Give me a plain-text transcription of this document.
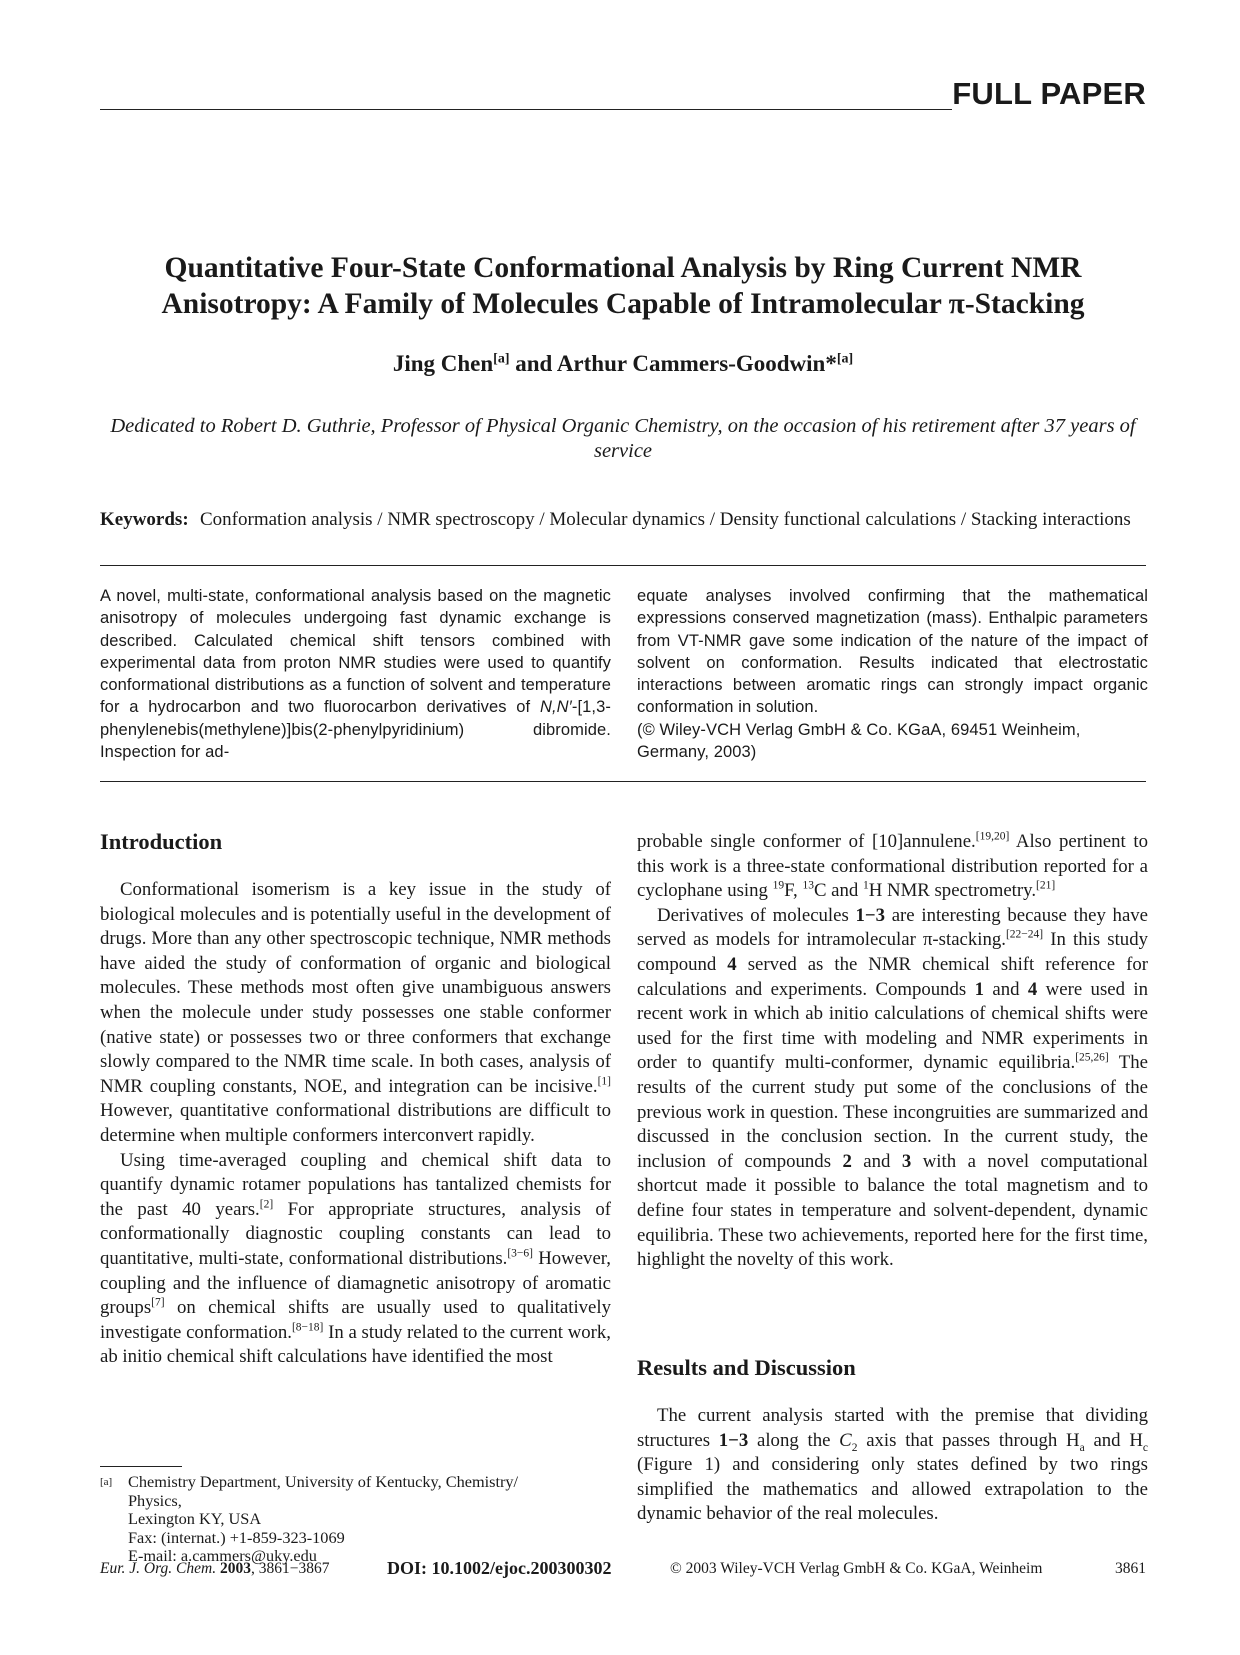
FULL PAPER
Quantitative Four-State Conformational Analysis by Ring Current NMR
Anisotropy: A Family of Molecules Capable of Intramolecular π-Stacking
Jing Chen[a] and Arthur Cammers-Goodwin*[a]
Dedicated to Robert D. Guthrie, Professor of Physical Organic Chemistry, on the occasion of his retirement after 37 years of service
Keywords: Conformation analysis / NMR spectroscopy / Molecular dynamics / Density functional calculations / Stacking interactions

A novel, multi-state, conformational analysis based on the magnetic anisotropy of molecules undergoing fast dynamic exchange is described. Calculated chemical shift tensors combined with experimental data from proton NMR studies were used to quantify conformational distributions as a function of solvent and temperature for a hydrocarbon and two fluorocarbon derivatives of N,N′-[1,3-phenylenebis(methylene)]bis(2-phenylpyridinium) dibromide. Inspection for ad-

equate analyses involved confirming that the mathematical expressions conserved magnetization (mass). Enthalpic parameters from VT-NMR gave some indication of the nature of the impact of solvent on conformation. Results indicated that electrostatic interactions between aromatic rings can strongly impact organic conformation in solution.

(© Wiley-VCH Verlag GmbH & Co. KGaA, 69451 Weinheim, Germany, 2003)

Introduction

Conformational isomerism is a key issue in the study of biological molecules and is potentially useful in the development of drugs. More than any other spectroscopic technique, NMR methods have aided the study of conformation of organic and biological molecules. These methods most often give unambiguous answers when the molecule under study possesses one stable conformer (native state) or possesses two or three conformers that exchange slowly compared to the NMR time scale. In both cases, analysis of NMR coupling constants, NOE, and integration can be incisive.[1] However, quantitative conformational distributions are difficult to determine when multiple conformers interconvert rapidly.

Using time-averaged coupling and chemical shift data to quantify dynamic rotamer populations has tantalized chemists for the past 40 years.[2] For appropriate structures, analysis of conformationally diagnostic coupling constants can lead to quantitative, multi-state, conformational distributions.[3−6] However, coupling and the influence of diamagnetic anisotropy of aromatic groups[7] on chemical shifts are usually used to qualitatively investigate conformation.[8−18] In a study related to the current work, ab initio chemical shift calculations have identified the most

[a] Chemistry Department, University of Kentucky, Chemistry/
Physics,
Lexington KY, USA
Fax: (internat.) +1-859-323-1069
E-mail: a.cammers@uky.edu

probable single conformer of [10]annulene.[19,20] Also pertinent to this work is a three-state conformational distribution reported for a cyclophane using $^{19}$F, $^{13}$C and $^1$H NMR spectrometry.[21]

Derivatives of molecules 1−3 are interesting because they have served as models for intramolecular π-stacking.[22−24] In this study compound 4 served as the NMR chemical shift reference for calculations and experiments. Compounds 1 and 4 were used in recent work in which ab initio calculations of chemical shifts were used for the first time with modeling and NMR experiments in order to quantify multi-conformer, dynamic equilibria.[25,26] The results of the current study put some of the conclusions of the previous work in question. These incongruities are summarized and discussed in the conclusion section. In the current study, the inclusion of compounds 2 and 3 with a novel computational shortcut made it possible to balance the total magnetism and to define four states in temperature and solvent-dependent, dynamic equilibria. These two achievements, reported here for the first time, highlight the novelty of this work.

Results and Discussion

The current analysis started with the premise that dividing structures 1−3 along the $C_2$ axis that passes through $H_a$ and $H_c$ (Figure 1) and considering only states defined by two rings simplified the mathematics and allowed extrapolation to the dynamic behavior of the real molecules.

Eur. J. Org. Chem. 2003 , 3861−3867	DOI: 10.1002/ejoc.200300302	© 2003 Wiley-VCH Verlag GmbH & Co. KGaA, Weinheim	3861
